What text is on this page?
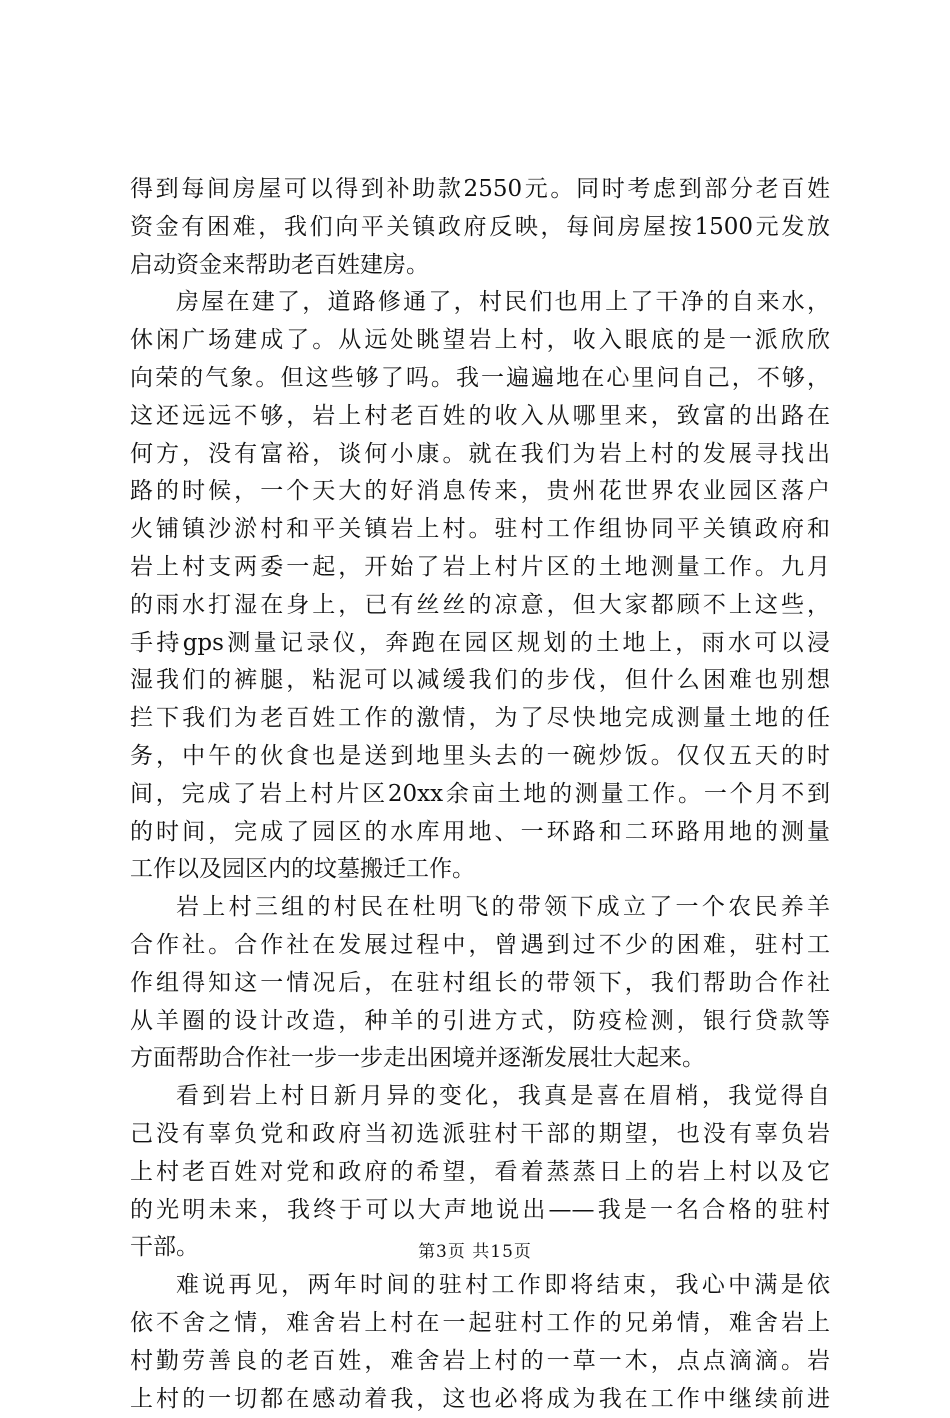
得到每间房屋可以得到补助款2550元。同时考虑到部分老百姓
资金有困难，我们向平关镇政府反映，每间房屋按1500元发放
启动资金来帮助老百姓建房。
房屋在建了，道路修通了，村民们也用上了干净的自来水，
休闲广场建成了。从远处眺望岩上村，收入眼底的是一派欣欣
向荣的气象。但这些够了吗。我一遍遍地在心里问自己，不够，
这还远远不够，岩上村老百姓的收入从哪里来，致富的出路在
何方，没有富裕，谈何小康。就在我们为岩上村的发展寻找出
路的时候，一个天大的好消息传来，贵州花世界农业园区落户
火铺镇沙淤村和平关镇岩上村。驻村工作组协同平关镇政府和
岩上村支两委一起，开始了岩上村片区的土地测量工作。九月
的雨水打湿在身上，已有丝丝的凉意，但大家都顾不上这些，
手持gps测量记录仪，奔跑在园区规划的土地上，雨水可以浸
湿我们的裤腿，粘泥可以减缓我们的步伐，但什么困难也别想
拦下我们为老百姓工作的激情，为了尽快地完成测量土地的任
务，中午的伙食也是送到地里头去的一碗炒饭。仅仅五天的时
间，完成了岩上村片区20xx余亩土地的测量工作。一个月不到
的时间，完成了园区的水库用地、一环路和二环路用地的测量
工作以及园区内的坟墓搬迁工作。
岩上村三组的村民在杜明飞的带领下成立了一个农民养羊
合作社。合作社在发展过程中，曾遇到过不少的困难，驻村工
作组得知这一情况后，在驻村组长的带领下，我们帮助合作社
从羊圈的设计改造，种羊的引进方式，防疫检测，银行贷款等
方面帮助合作社一步一步走出困境并逐渐发展壮大起来。
看到岩上村日新月异的变化，我真是喜在眉梢，我觉得自
己没有辜负党和政府当初选派驻村干部的期望，也没有辜负岩
上村老百姓对党和政府的希望，看着蒸蒸日上的岩上村以及它
的光明未来，我终于可以大声地说出——我是一名合格的驻村
干部。
难说再见，两年时间的驻村工作即将结束，我心中满是依
依不舍之情，难舍岩上村在一起驻村工作的兄弟情，难舍岩上
村勤劳善良的老百姓，难舍岩上村的一草一木，点点滴滴。岩
上村的一切都在感动着我，这也必将成为我在工作中继续前进
第3页 共15页
